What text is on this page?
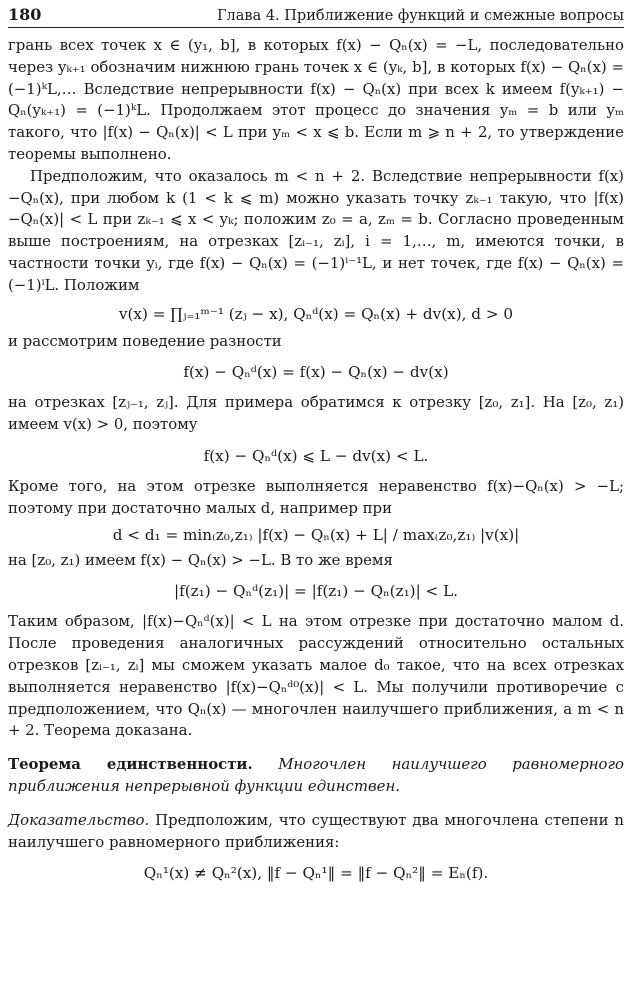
180	Глава 4. Приближение функций и смежные вопросы

грань всех точек x ∈ (y₁, b], в которых f(x) − Qₙ(x) = −L, последовательно через yₖ₊₁ обозначим нижнюю грань точек x ∈ (yₖ, b], в которых f(x) − Qₙ(x) = (−1)ᵏL,… Вследствие непрерывности f(x) − Qₙ(x) при всех k имеем f(yₖ₊₁) − Qₙ(yₖ₊₁) = (−1)ᵏL. Продолжаем этот процесс до значения yₘ = b или yₘ такого, что |f(x) − Qₙ(x)| < L при yₘ < x ⩽ b. Если m ⩾ n + 2, то утверждение теоремы выполнено.

Предположим, что оказалось m < n + 2. Вследствие непрерывности f(x)−Qₙ(x), при любом k (1 < k ⩽ m) можно указать точку zₖ₋₁ такую, что |f(x)−Qₙ(x)| < L при zₖ₋₁ ⩽ x < yₖ; положим z₀ = a, zₘ = b. Согласно проведенным выше построениям, на отрезках [zᵢ₋₁, zᵢ], i = 1,…, m, имеются точки, в частности точки yᵢ, где f(x) − Qₙ(x) = (−1)ⁱ⁻¹L, и нет точек, где f(x) − Qₙ(x) = (−1)ⁱL. Положим

v(x) = ∏ⱼ₌₁ᵐ⁻¹ (zⱼ − x), Qₙᵈ(x) = Qₙ(x) + dv(x), d > 0

и рассмотрим поведение разности

f(x) − Qₙᵈ(x) = f(x) − Qₙ(x) − dv(x)

на отрезках [zⱼ₋₁, zⱼ]. Для примера обратимся к отрезку [z₀, z₁]. На [z₀, z₁) имеем v(x) > 0, поэтому

f(x) − Qₙᵈ(x) ⩽ L − dv(x) < L.

Кроме того, на этом отрезке выполняется неравенство f(x)−Qₙ(x) > −L; поэтому при достаточно малых d, например при

d < d₁ = min₍z₀,z₁₎ |f(x) − Qₙ(x) + L| / max₍z₀,z₁₎ |v(x)|

на [z₀, z₁) имеем f(x) − Qₙ(x) > −L. В то же время

|f(z₁) − Qₙᵈ(z₁)| = |f(z₁) − Qₙ(z₁)| < L.

Таким образом, |f(x)−Qₙᵈ(x)| < L на этом отрезке при достаточно малом d. После проведения аналогичных рассуждений относительно остальных отрезков [zᵢ₋₁, zᵢ] мы сможем указать малое d₀ такое, что на всех отрезках выполняется неравенство |f(x)−Qₙᵈ⁰(x)| < L. Мы получили противоречие с предположением, что Qₙ(x) — многочлен наилучшего приближения, а m < n + 2. Теорема доказана.

Теорема единственности. Многочлен наилучшего равномерного приближения непрерывной функции единствен.

Доказательство. Предположим, что существуют два многочлена степени n наилучшего равномерного приближения:

Qₙ¹(x) ≠ Qₙ²(x), ‖f − Qₙ¹‖ = ‖f − Qₙ²‖ = Eₙ(f).
